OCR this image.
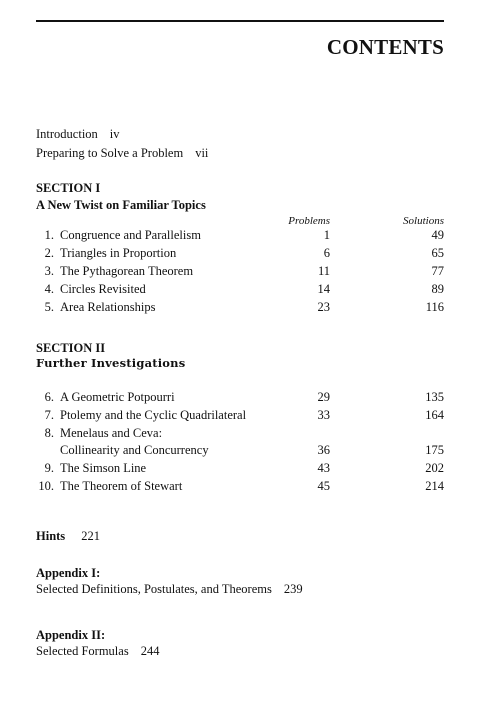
CONTENTS
Introduction iv
Preparing to Solve a Problem vii
SECTION I
A New Twist on Familiar Topics
Problems	Solutions
1. Congruence and Parallelism	1	49
2. Triangles in Proportion	6	65
3. The Pythagorean Theorem	11	77
4. Circles Revisited	14	89
5. Area Relationships	23	116
SECTION II
Further Investigations
6. A Geometric Potpourri	29	135
7. Ptolemy and the Cyclic Quadrilateral	33	164
8. Menelaus and Ceva:
Collinearity and Concurrency	36	175
9. The Simson Line	43	202
10. The Theorem of Stewart	45	214
Hints 221
Appendix I:
Selected Definitions, Postulates, and Theorems 239
Appendix II:
Selected Formulas 244
